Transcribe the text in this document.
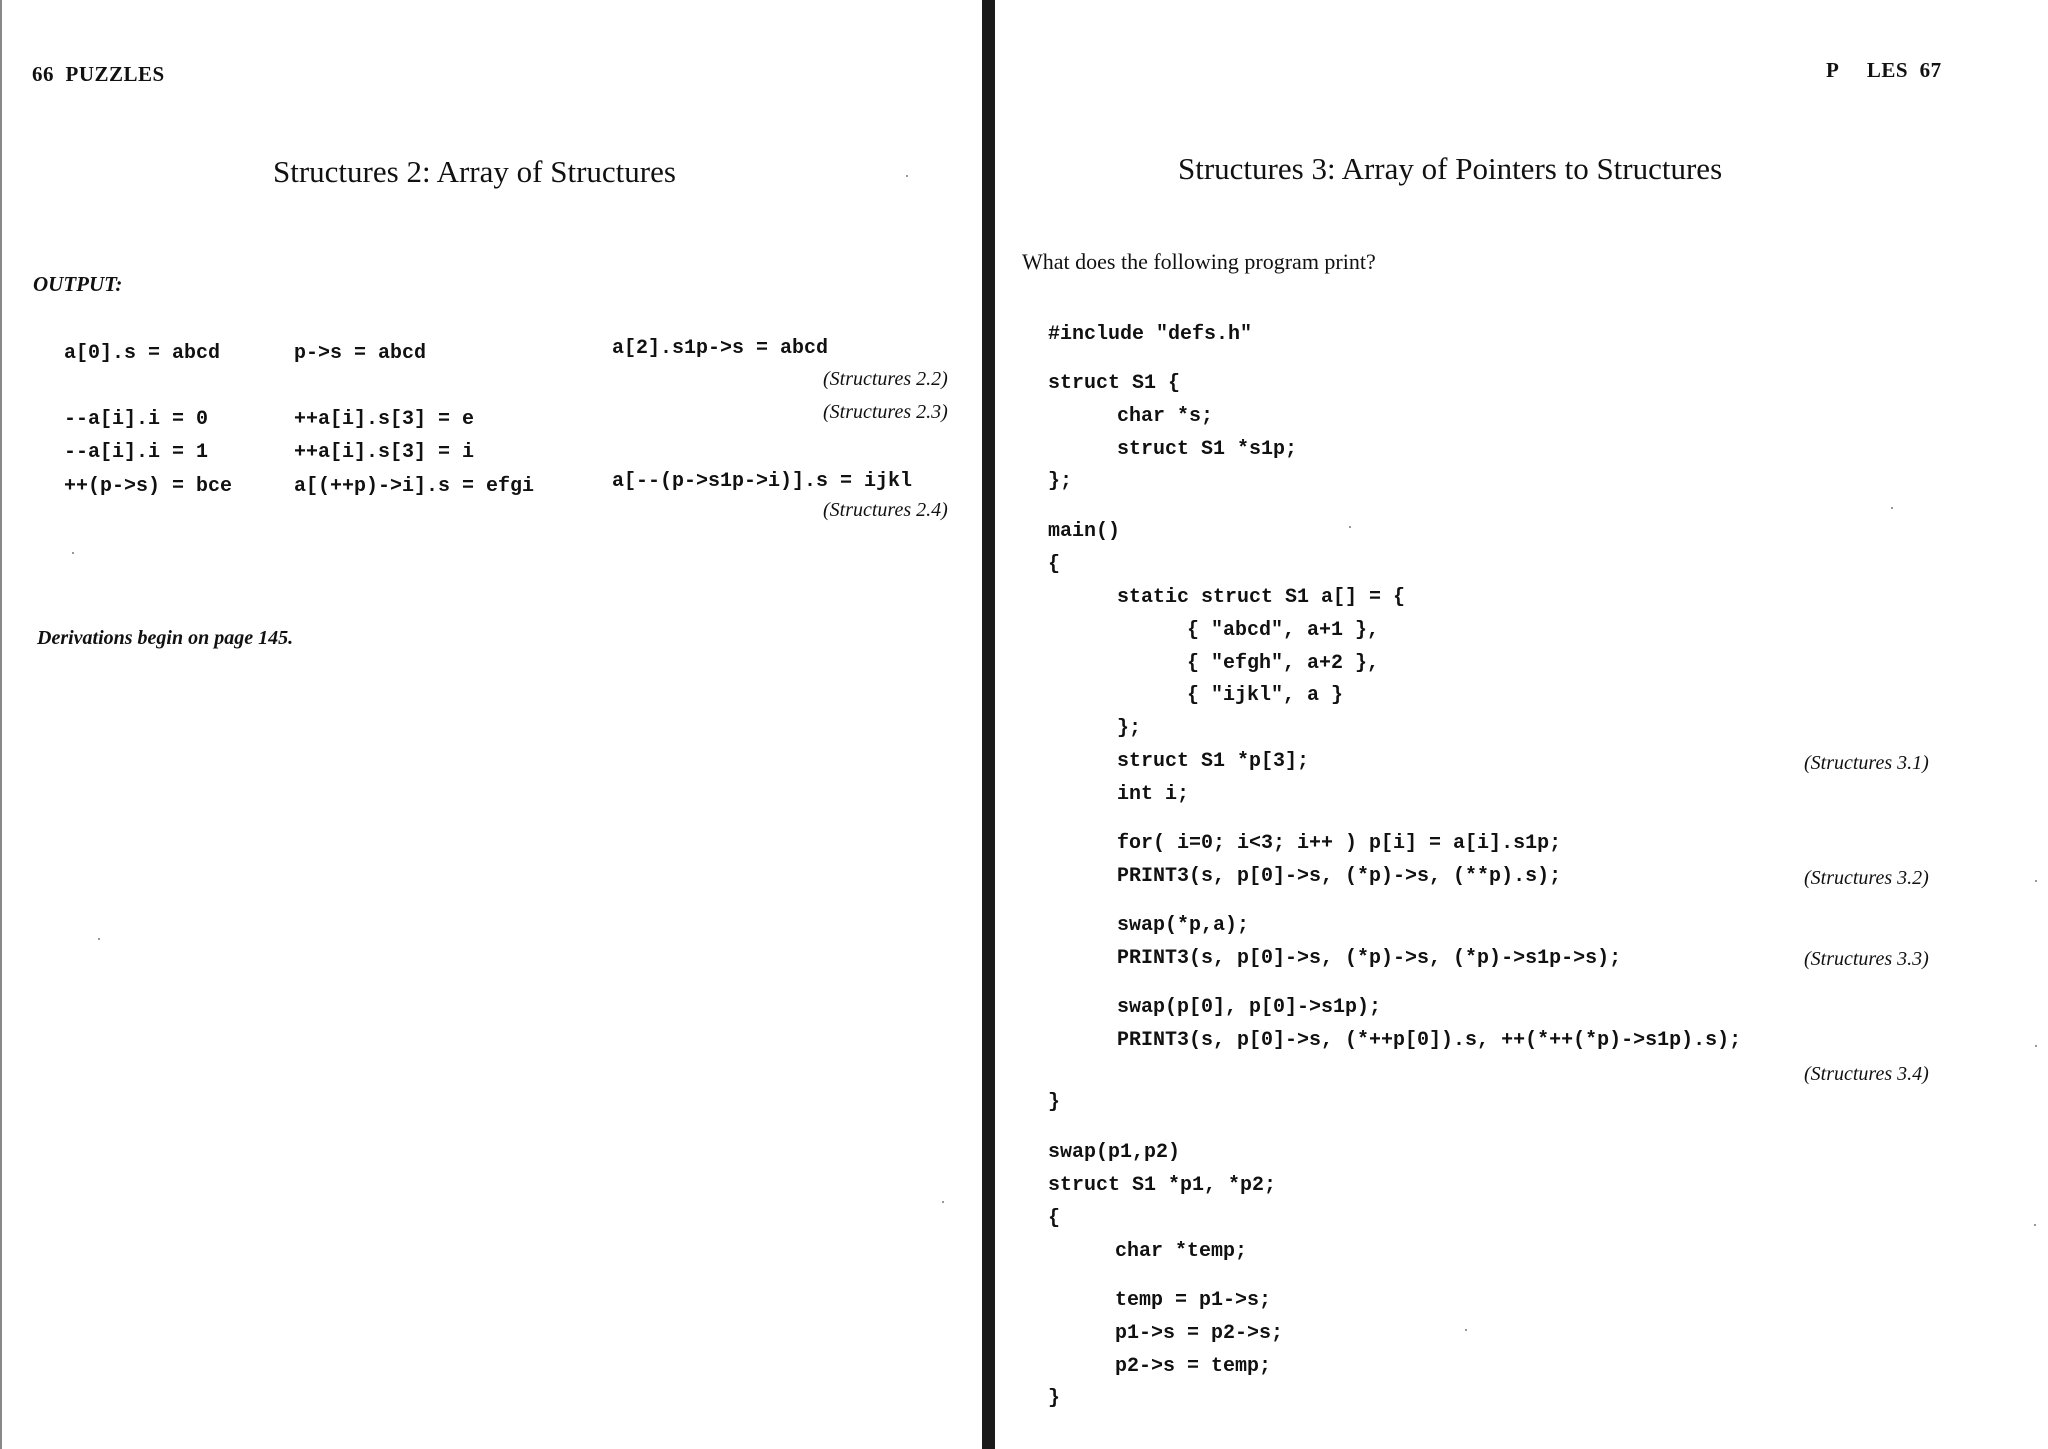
66  PUZZLES
Structures 2: Array of Structures
OUTPUT:
a[0].s = abcd	p->s = abcd	a[2].s1p->s = abcd
(Structures 2.2)
--a[i].i = 0	++a[i].s[3] = e	(Structures 2.3)
--a[i].i = 1	++a[i].s[3] = i
++(p->s) = bce	a[(++p)->i].s = efgi	a[--(p->s1p->i)].s = ijkl
(Structures 2.4)
Derivations begin on page 145.
P     LES  67
Structures 3: Array of Pointers to Structures
What does the following program print?
#include "defs.h"
struct S1 {
char *s;
struct S1 *s1p;
};
main()
{
static struct S1 a[] = {
{ "abcd", a+1 },
{ "efgh", a+2 },
{ "ijkl", a }
};
struct S1 *p[3];	(Structures 3.1)
int i;
for( i=0; i<3; i++ ) p[i] = a[i].s1p;
PRINT3(s, p[0]->s, (*p)->s, (**p).s);	(Structures 3.2)
swap(*p,a);
PRINT3(s, p[0]->s, (*p)->s, (*p)->s1p->s);	(Structures 3.3)
swap(p[0], p[0]->s1p);
PRINT3(s, p[0]->s, (*++p[0]).s, ++(*++(*p)->s1p).s);
(Structures 3.4)
}
swap(p1,p2)
struct S1 *p1, *p2;
{
char *temp;
temp = p1->s;
p1->s = p2->s;
p2->s = temp;
}
